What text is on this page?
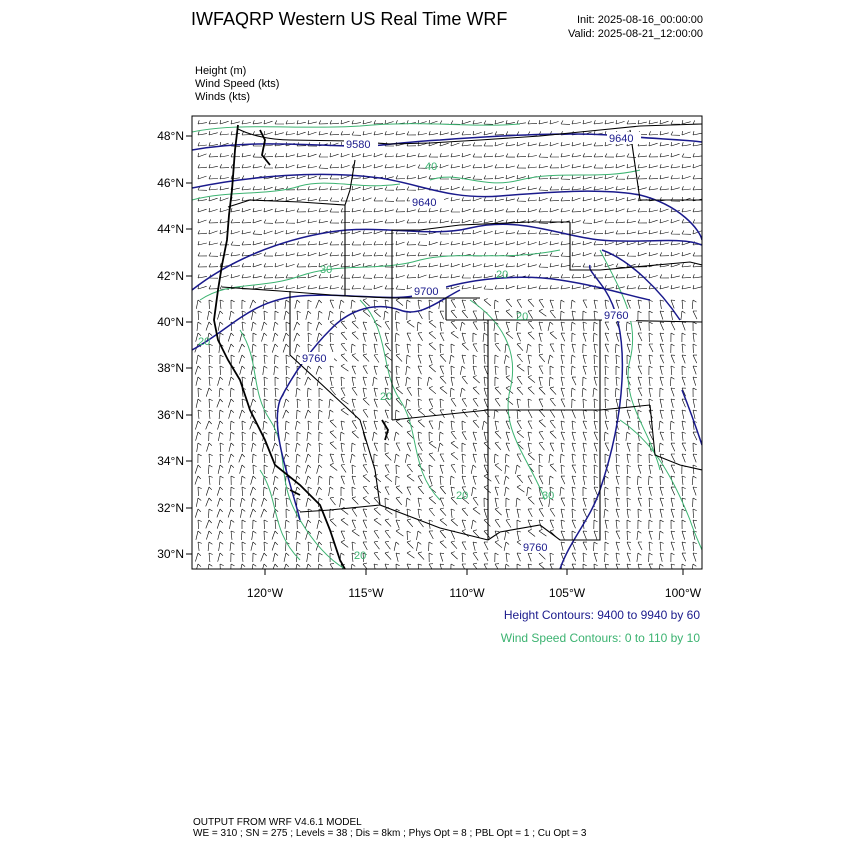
IWFAQRP Western US Real Time WRF	Init: 2025-08-16_00:00:00
Valid: 2025-08-21_12:00:00
Height (m)
Wind Speed (kts)
Winds (kts)
9580	9640
9640
9700
9760
9760
9760
40
30	20
20
20
20	30
20
20
48°N
46°N
44°N
42°N
40°N
38°N
36°N
34°N
32°N
30°N
120°W	115°W	110°W	105°W	100°W
Height Contours: 9400 to 9940 by 60
Wind Speed Contours: 0 to 110 by 10
OUTPUT FROM WRF V4.6.1 MODEL
WE = 310 ; SN = 275 ; Levels = 38 ; Dis = 8km ; Phys Opt = 8 ; PBL Opt = 1 ; Cu Opt = 3
